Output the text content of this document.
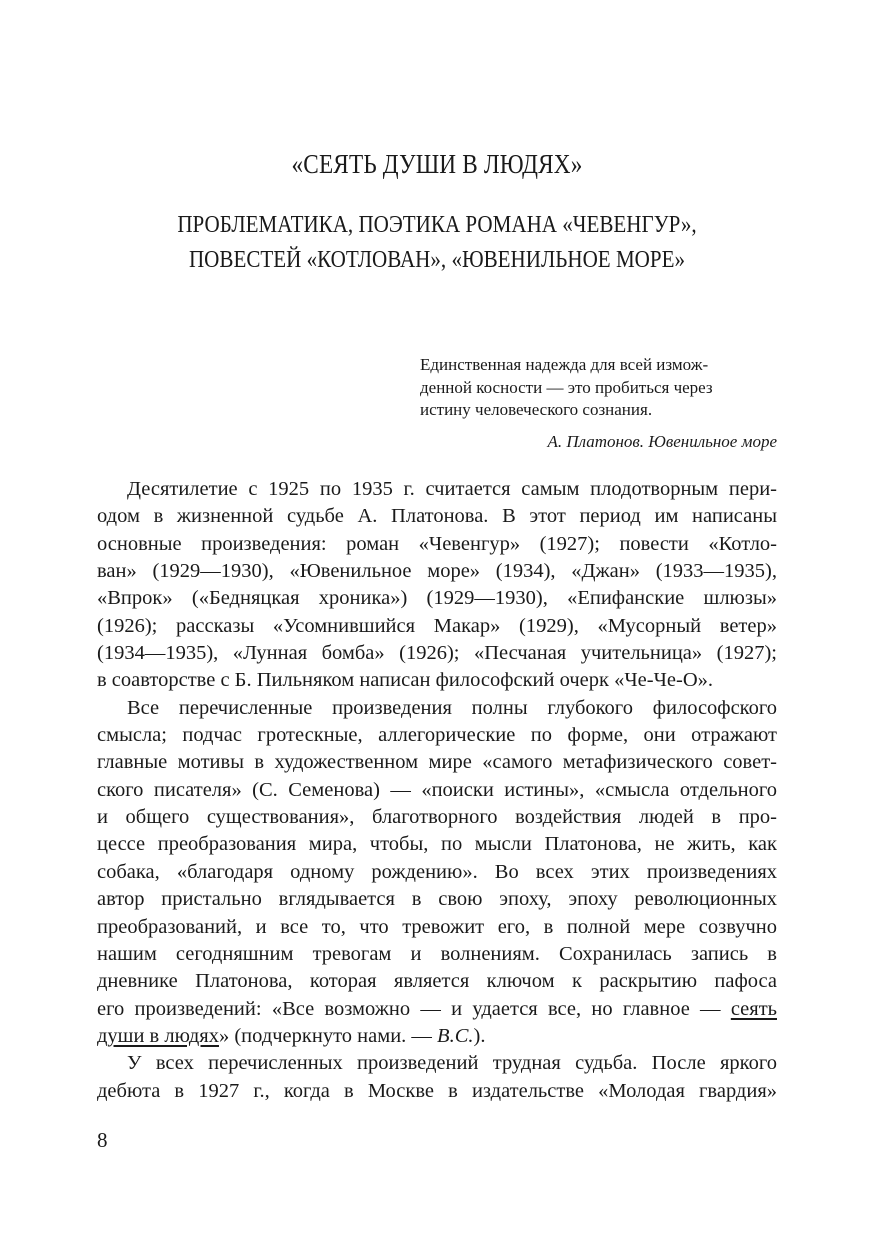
«СЕЯТЬ ДУШИ В ЛЮДЯХ»
ПРОБЛЕМАТИКА, ПОЭТИКА РОМАНА «ЧЕВЕНГУР»,
ПОВЕСТЕЙ «КОТЛОВАН», «ЮВЕНИЛЬНОЕ МОРЕ»
Единственная надежда для всей измож-
денной косности — это пробиться через
истину человеческого сознания.
А. Платонов. Ювенильное море
Десятилетие с 1925 по 1935 г. считается самым плодотворным пери-
одом в жизненной судьбе А. Платонова. В этот период им написаны
основные произведения: роман «Чевенгур» (1927); повести «Котло-
ван» (1929—1930), «Ювенильное море» (1934), «Джан» (1933—1935),
«Впрок» («Бедняцкая хроника») (1929—1930), «Епифанские шлюзы»
(1926); рассказы «Усомнившийся Макар» (1929), «Мусорный ветер»
(1934—1935), «Лунная бомба» (1926); «Песчаная учительница» (1927);
в соавторстве с Б. Пильняком написан философский очерк «Че-Че-О».
Все перечисленные произведения полны глубокого философского
смысла; подчас гротескные, аллегорические по форме, они отражают
главные мотивы в художественном мире «самого метафизического совет-
ского писателя» (С. Семенова) — «поиски истины», «смысла отдельного
и общего существования», благотворного воздействия людей в про-
цессе преобразования мира, чтобы, по мысли Платонова, не жить, как
собака, «благодаря одному рождению». Во всех этих произведениях
автор пристально вглядывается в свою эпоху, эпоху революционных
преобразований, и все то, что тревожит его, в полной мере созвучно
нашим сегодняшним тревогам и волнениям. Сохранилась запись в
дневнике Платонова, которая является ключом к раскрытию пафоса
его произведений: «Все возможно — и удается все, но главное — сеять
души в людях» (подчеркнуто нами. — В.С.).
У всех перечисленных произведений трудная судьба. После яркого
дебюта в 1927 г., когда в Москве в издательстве «Молодая гвардия»
8
